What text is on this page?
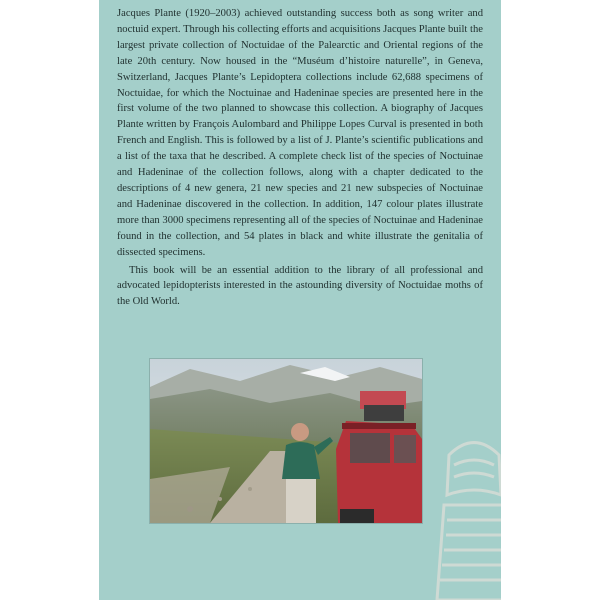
Jacques Plante (1920–2003) achieved outstanding success both as song writer and noctuid expert. Through his collecting efforts and acquisitions Jacques Plante built the largest private collection of Noctuidae of the Palearctic and Oriental regions of the late 20th century. Now housed in the “Muséum d’histoire naturelle”, in Geneva, Switzerland, Jacques Plante’s Lepidoptera collections include 62,688 specimens of Noctuidae, for which the Noctuinae and Hadeninae species are presented here in the first volume of the two planned to showcase this collection. A biography of Jacques Plante written by François Aulombard and Philippe Lopes Curval is presented in both French and English. This is followed by a list of J. Plante’s scientific publications and a list of the taxa that he described. A complete check list of the species of Noctuinae and Hadeninae of the collection follows, along with a chapter dedicated to the descriptions of 4 new genera, 21 new species and 21 new subspecies of Noctuinae and Hadeninae discovered in the collection. In addition, 147 colour plates illustrate more than 3000 specimens representing all of the species of Noctuinae and Hadeninae found in the collection, and 54 plates in black and white illustrate the genitalia of dissected specimens.

This book will be an essential addition to the library of all professional and advocated lepidopterists interested in the astounding diversity of Noctuidae moths of the Old World.
